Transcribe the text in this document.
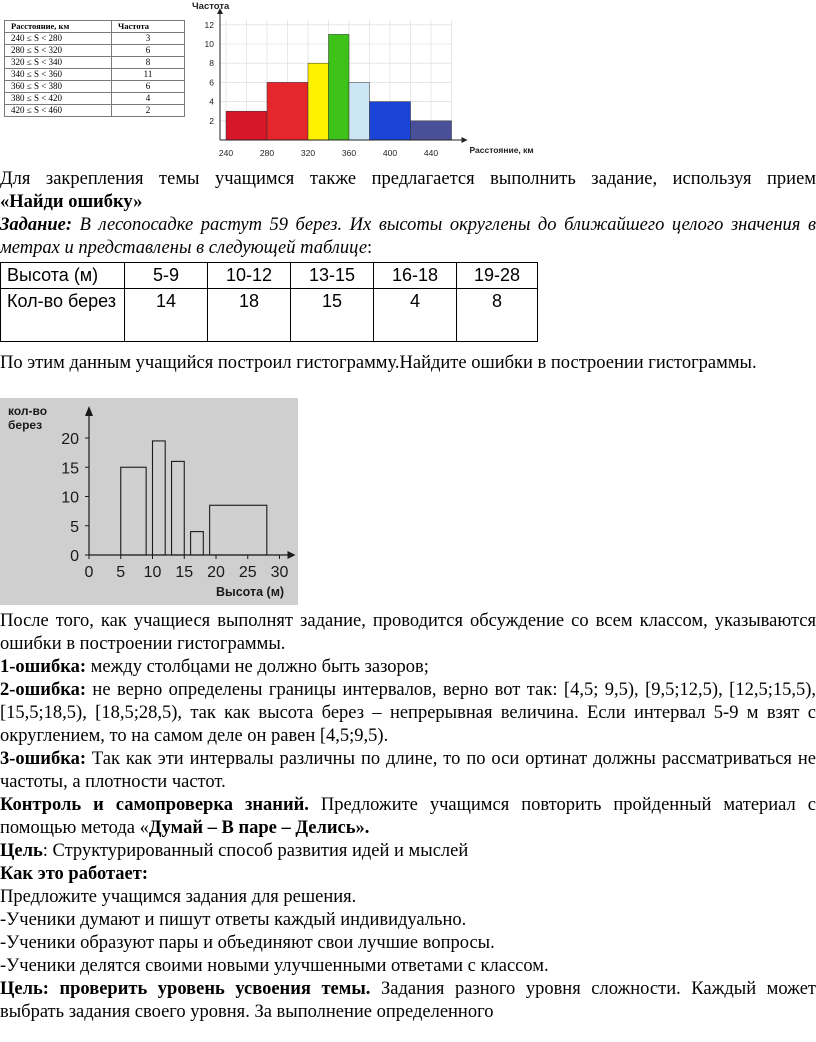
Расстояние, км	Частота
240 ≤ S < 280	3
280 ≤ S < 320	6
320 ≤ S < 340	8
340 ≤ S < 360	11
360 ≤ S < 380	6
380 ≤ S < 420	4
420 ≤ S < 460	2
240	280	320	360	400	440
2
4
6
8
10
12
Частота
Расстояние, км

Для закрепления темы учащимся также предлагается выполнить задание, используя прием

«Найди ошибку»

Задание: В лесопосадке растут 59 берез. Их высоты округлены до ближайшего целого значения в метрах и представлены в следующей таблице:

Высота (м)	5-9	10-12	13-15	16-18	19-28
Кол-во берез	14	18	15	4	8

По этим данным учащийся построил гистограмму.Найдите ошибки в построении гистограммы.

0 5 10 15 20 25 30
0
5
10
15
20
кол-во
берез
Высота (м)

После того, как учащиеся выполнят задание, проводится обсуждение со всем классом, указываются ошибки в построении гистограммы.

1-ошибка: между столбцами не должно быть зазоров;

2-ошибка: не верно определены границы интервалов, верно вот так: [4,5; 9,5), [9,5;12,5), [12,5;15,5), [15,5;18,5), [18,5;28,5), так как высота берез – непрерывная величина. Если интервал 5-9 м взят с округлением, то на самом деле он равен [4,5;9,5).

3-ошибка: Так как эти интервалы различны по длине, то по оси ортинат должны рассматриваться не частоты, а плотности частот.

Контроль и самопроверка знаний. Предложите учащимся повторить пройденный материал с помощью метода «Думай – В паре – Делись».

Цель: Структурированный способ развития идей и мыслей

Как это работает:

Предложите учащимся задания для решения.

-Ученики думают и пишут ответы каждый индивидуально.

-Ученики образуют пары и объединяют свои лучшие вопросы.

-Ученики делятся своими новыми улучшенными ответами с классом.

Цель: проверить уровень усвоения темы. Задания разного уровня сложности. Каждый может выбрать задания своего уровня. За выполнение определенного
